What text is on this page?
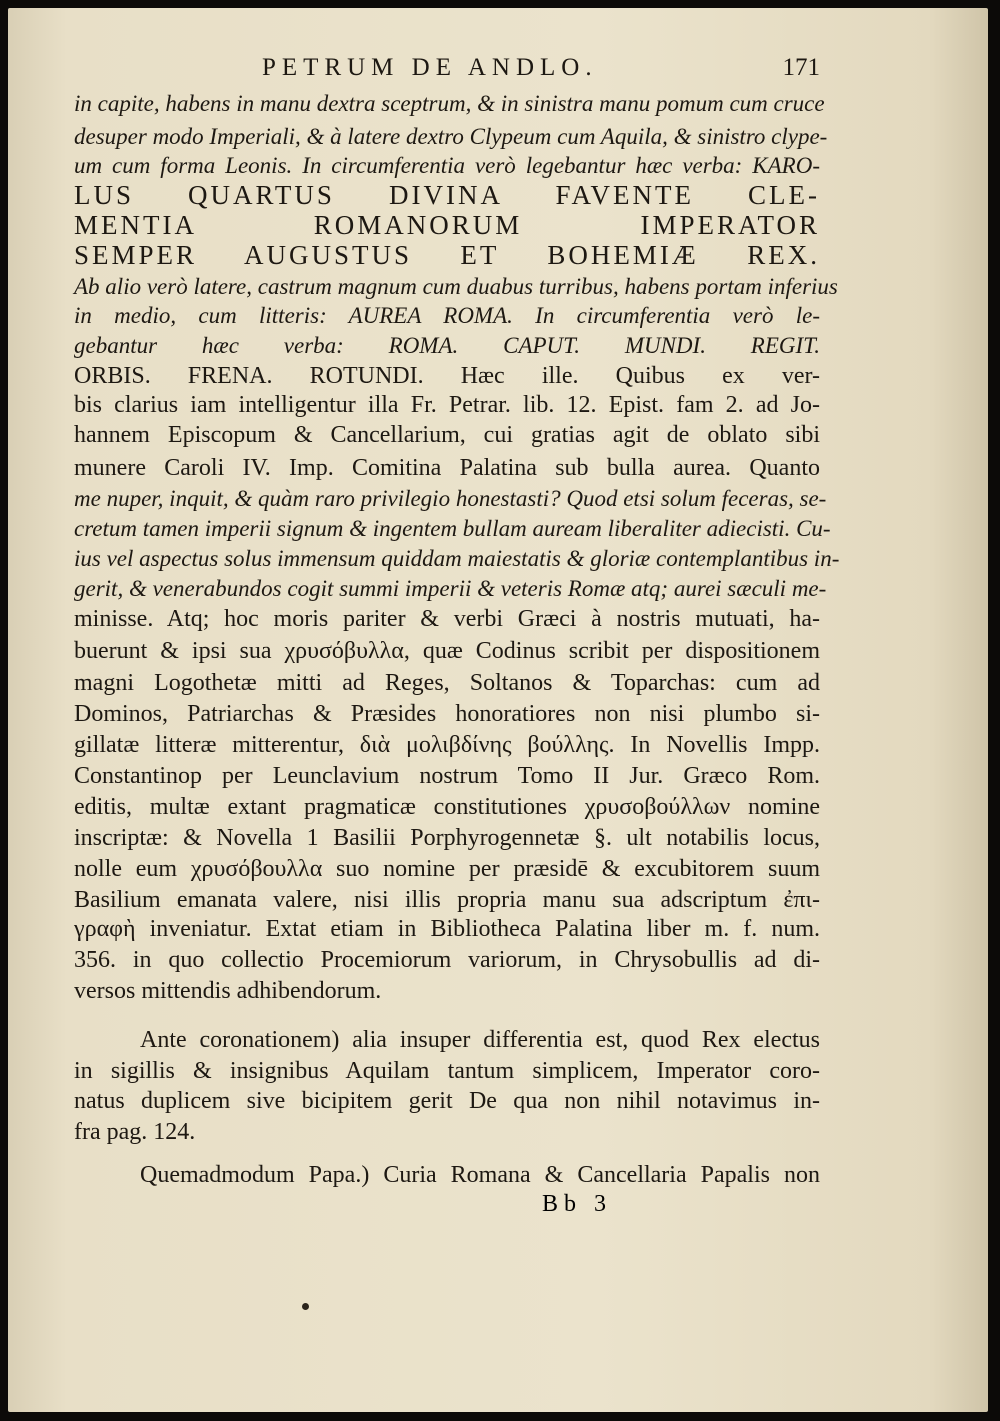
PETRUM DE ANDLO.	171
in capite, habens in manu dextra sceptrum, & in sinistra manu pomum cum cruce
desuper modo Imperiali, & à latere dextro Clypeum cum Aquila, & sinistro clype-
um cum forma Leonis. In circumferentia verò legebantur hæc verba: KARO-
LUS QUARTUS DIVINA FAVENTE CLE-
MENTIA ROMANORUM IMPERATOR
SEMPER AUGUSTUS ET BOHEMIÆ REX.
Ab alio verò latere, castrum magnum cum duabus turribus, habens portam inferius
in medio, cum litteris: AUREA ROMA. In circumferentia verò le-
gebantur hæc verba: ROMA. CAPUT. MUNDI. REGIT.
ORBIS. FRENA. ROTUNDI. Hæc ille. Quibus ex ver-
bis clarius iam intelligentur illa Fr. Petrar. lib. 12. Epist. fam 2. ad Jo-
hannem Episcopum & Cancellarium, cui gratias agit de oblato sibi
munere Caroli IV. Imp. Comitina Palatina sub bulla aurea. Quanto
me nuper, inquit, & quàm raro privilegio honestasti? Quod etsi solum feceras, se-
cretum tamen imperii signum & ingentem bullam auream liberaliter adiecisti. Cu-
ius vel aspectus solus immensum quiddam maiestatis & gloriæ contemplantibus in-
gerit, & venerabundos cogit summi imperii & veteris Romæ atq; aurei sæculi me-
minisse. Atq; hoc moris pariter & verbi Græci à nostris mutuati, ha-
buerunt & ipsi sua χρυσόβυλλα, quæ Codinus scribit per dispositionem
magni Logothetæ mitti ad Reges, Soltanos & Toparchas: cum ad
Dominos, Patriarchas & Præsides honoratiores non nisi plumbo si-
gillatæ litteræ mitterentur, διὰ μολιβδίνης βούλλης. In Novellis Impp.
Constantinop per Leunclavium nostrum Tomo II Jur. Græco Rom.
editis, multæ extant pragmaticæ constitutiones χρυσοβούλλων nomine
inscriptæ: & Novella 1 Basilii Porphyrogennetæ §. ult notabilis locus,
nolle eum χρυσόβουλλα suo nomine per præsidē & excubitorem suum
Basilium emanata valere, nisi illis propria manu sua adscriptum ἐπι-
γραφὴ inveniatur. Extat etiam in Bibliotheca Palatina liber m. f. num.
356. in quo collectio Procemiorum variorum, in Chrysobullis ad di-
versos mittendis adhibendorum.
Ante coronationem) alia insuper differentia est, quod Rex electus
in sigillis & insignibus Aquilam tantum simplicem, Imperator coro-
natus duplicem sive bicipitem gerit De qua non nihil notavimus in-
fra pag. 124.
Quemadmodum Papa.) Curia Romana & Cancellaria Papalis non
Bb 3
